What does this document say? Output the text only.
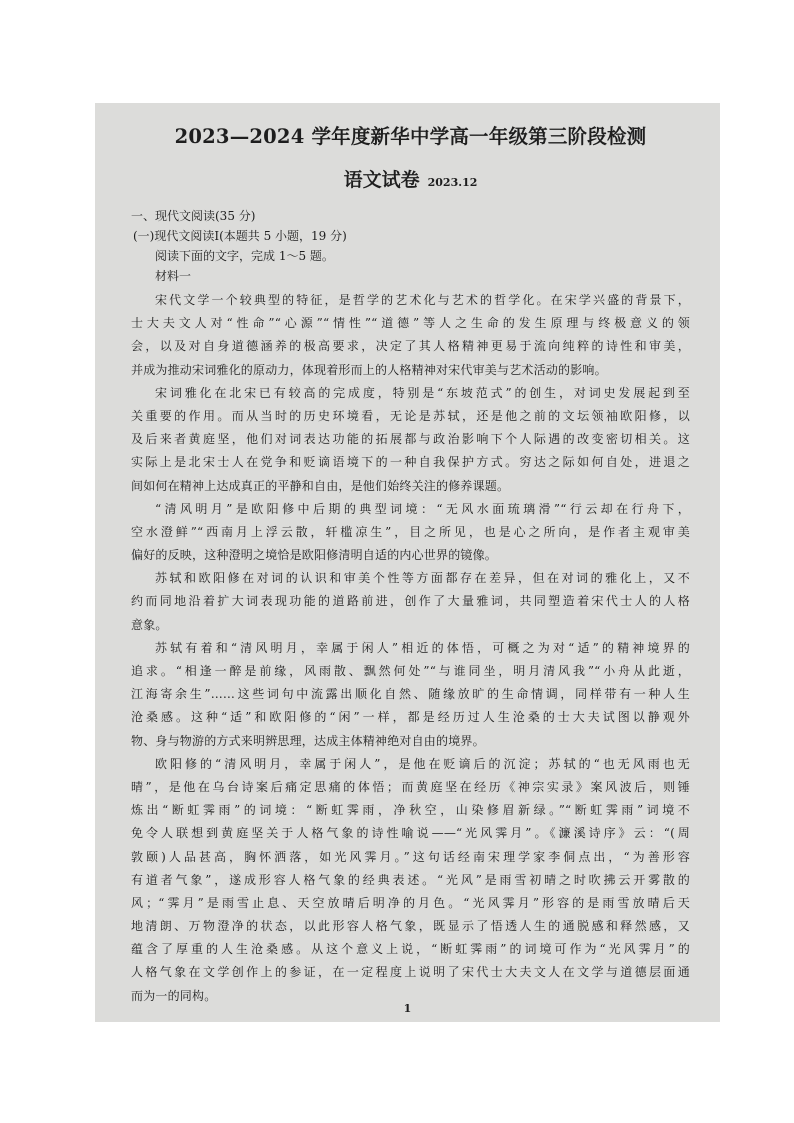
2023—2024 学年度新华中学高一年级第三阶段检测
语文试卷 2023.12
一、现代文阅读(35 分)
(一)现代文阅读Ⅰ(本题共 5 小题，19 分)
阅读下面的文字，完成 1～5 题。
材料一
宋代文学一个较典型的特征，是哲学的艺术化与艺术的哲学化。在宋学兴盛的背景下，
士大夫文人对“性命”“心源”“情性”“道德”等人之生命的发生原理与终极意义的领
会，以及对自身道德涵养的极高要求，决定了其人格精神更易于流向纯粹的诗性和审美，
并成为推动宋词雅化的原动力，体现着形而上的人格精神对宋代审美与艺术活动的影响。
宋词雅化在北宋已有较高的完成度，特别是“东坡范式”的创生，对词史发展起到至
关重要的作用。而从当时的历史环境看，无论是苏轼，还是他之前的文坛领袖欧阳修，以
及后来者黄庭坚，他们对词表达功能的拓展都与政治影响下个人际遇的改变密切相关。这
实际上是北宋士人在党争和贬谪语境下的一种自我保护方式。穷达之际如何自处，进退之
间如何在精神上达成真正的平静和自由，是他们始终关注的修养课题。
“清风明月”是欧阳修中后期的典型词境：“无风水面琉璃滑”“行云却在行舟下，
空水澄鲜”“西南月上浮云散，轩槛凉生”，目之所见，也是心之所向，是作者主观审美
偏好的反映，这种澄明之境恰是欧阳修清明自适的内心世界的镜像。
苏轼和欧阳修在对词的认识和审美个性等方面都存在差异，但在对词的雅化上，又不
约而同地沿着扩大词表现功能的道路前进，创作了大量雅词，共同塑造着宋代士人的人格
意象。
苏轼有着和“清风明月，幸属于闲人”相近的体悟，可概之为对“适”的精神境界的
追求。“相逢一醉是前缘，风雨散、飘然何处”“与谁同坐，明月清风我”“小舟从此逝，
江海寄余生”……这些词句中流露出顺化自然、随缘放旷的生命情调，同样带有一种人生
沧桑感。这种“适”和欧阳修的“闲”一样，都是经历过人生沧桑的士大夫试图以静观外
物、身与物游的方式来明辨思理，达成主体精神绝对自由的境界。
欧阳修的“清风明月，幸属于闲人”，是他在贬谪后的沉淀；苏轼的“也无风雨也无
晴”，是他在乌台诗案后痛定思痛的体悟；而黄庭坚在经历《神宗实录》案风波后，则锤
炼出“断虹霁雨”的词境：“断虹霁雨，净秋空，山染修眉新绿。”“断虹霁雨”词境不
免令人联想到黄庭坚关于人格气象的诗性喻说——“光风霁月”。《濂溪诗序》云：“(周
敦颐)人品甚高，胸怀洒落，如光风霁月。”这句话经南宋理学家李侗点出，“为善形容
有道者气象”，遂成形容人格气象的经典表述。“光风”是雨雪初晴之时吹拂云开雾散的
风；“霁月”是雨雪止息、天空放晴后明净的月色。“光风霁月”形容的是雨雪放晴后天
地清朗、万物澄净的状态，以此形容人格气象，既显示了悟透人生的通脱感和释然感，又
蕴含了厚重的人生沧桑感。从这个意义上说，“断虹霁雨”的词境可作为“光风霁月”的
人格气象在文学创作上的参证，在一定程度上说明了宋代士大夫文人在文学与道德层面通
而为一的同构。
1
